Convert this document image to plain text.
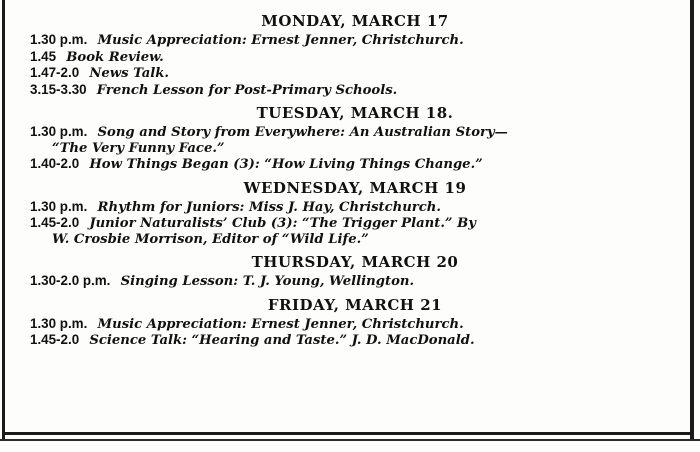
MONDAY, MARCH 17
1.30 p.m. Music Appreciation: Ernest Jenner, Christchurch.
1.45 Book Review.
1.47-2.0 News Talk.
3.15-3.30 French Lesson for Post-Primary Schools.
TUESDAY, MARCH 18.
1.30 p.m. Song and Story from Everywhere: An Australian Story—
“The Very Funny Face.”
1.40-2.0 How Things Began (3): “How Living Things Change.”
WEDNESDAY, MARCH 19
1.30 p.m. Rhythm for Juniors: Miss J. Hay, Christchurch.
1.45-2.0 Junior Naturalists’ Club (3): “The Trigger Plant.” By
W. Crosbie Morrison, Editor of “Wild Life.”
THURSDAY, MARCH 20
1.30-2.0 p.m. Singing Lesson: T. J. Young, Wellington.
FRIDAY, MARCH 21
1.30 p.m. Music Appreciation: Ernest Jenner, Christchurch.
1.45-2.0 Science Talk: “Hearing and Taste.” J. D. MacDonald.
